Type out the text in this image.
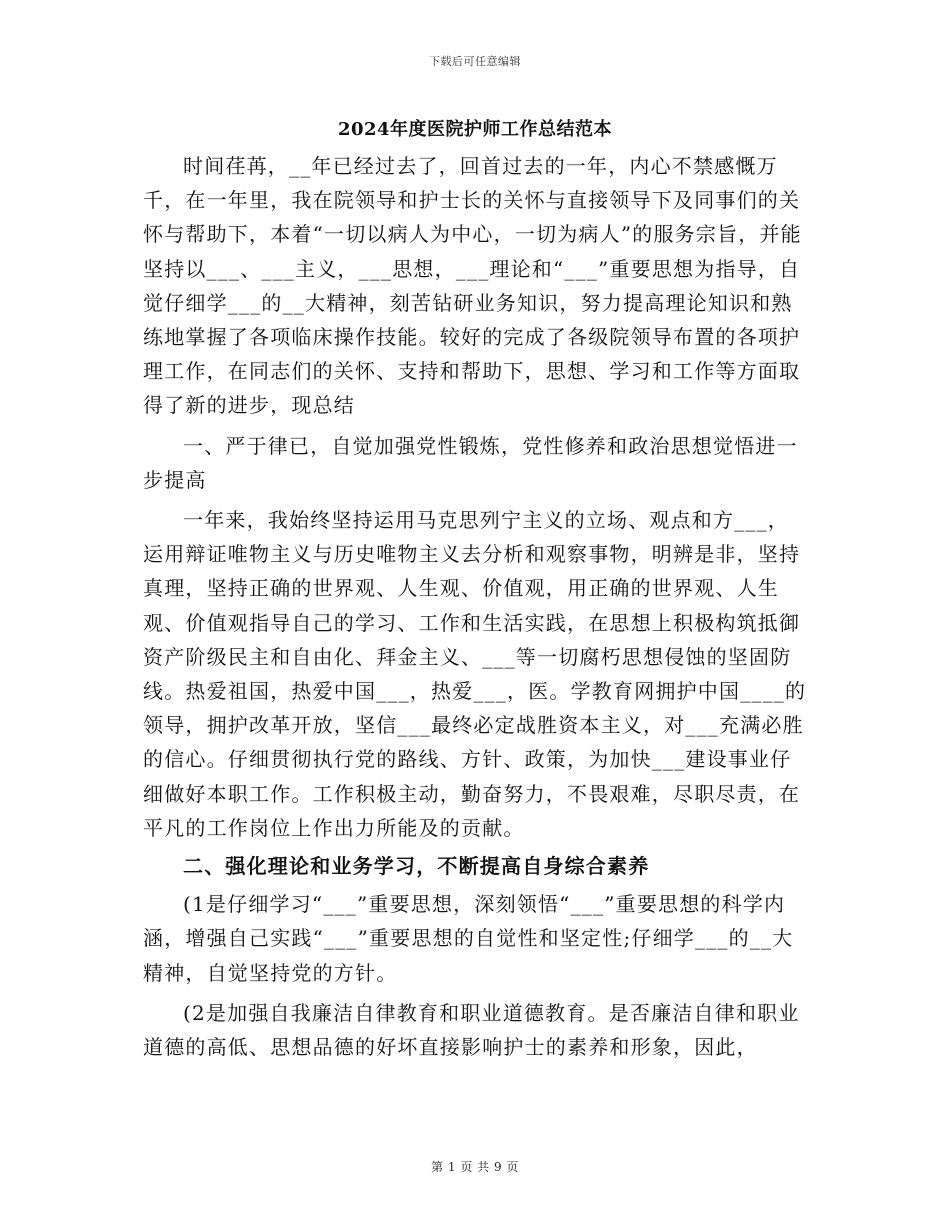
下载后可任意编辑
2024年度医院护师工作总结范本

时间荏苒，__年已经过去了，回首过去的一年，内心不禁感慨万千，在一年里，我在院领导和护士长的关怀与直接领导下及同事们的关怀与帮助下，本着“一切以病人为中心，一切为病人”的服务宗旨，并能坚持以___、___主义，___思想，___理论和“___”重要思想为指导，自觉仔细学___的__大精神，刻苦钻研业务知识，努力提高理论知识和熟练地掌握了各项临床操作技能。较好的完成了各级院领导布置的各项护理工作，在同志们的关怀、支持和帮助下，思想、学习和工作等方面取得了新的进步，现总结

一、严于律已，自觉加强党性锻炼，党性修养和政治思想觉悟进一步提高

一年来，我始终坚持运用马克思列宁主义的立场、观点和方___，运用辩证唯物主义与历史唯物主义去分析和观察事物，明辨是非，坚持真理，坚持正确的世界观、人生观、价值观，用正确的世界观、人生观、价值观指导自己的学习、工作和生活实践，在思想上积极构筑抵御资产阶级民主和自由化、拜金主义、___等一切腐朽思想侵蚀的坚固防线。热爱祖国，热爱中国___，热爱___，医。学教育网拥护中国____的领导，拥护改革开放，坚信___最终必定战胜资本主义，对___充满必胜的信心。仔细贯彻执行党的路线、方针、政策，为加快___建设事业仔细做好本职工作。工作积极主动，勤奋努力，不畏艰难，尽职尽责，在平凡的工作岗位上作出力所能及的贡献。

二、强化理论和业务学习，不断提高自身综合素养

(1是仔细学习“___”重要思想，深刻领悟“___”重要思想的科学内涵，增强自己实践“___”重要思想的自觉性和坚定性;仔细学___的__大精神，自觉坚持党的方针。

(2是加强自我廉洁自律教育和职业道德教育。是否廉洁自律和职业道德的高低、思想品德的好坏直接影响护士的素养和形象，因此，

第 1 页 共 9 页
